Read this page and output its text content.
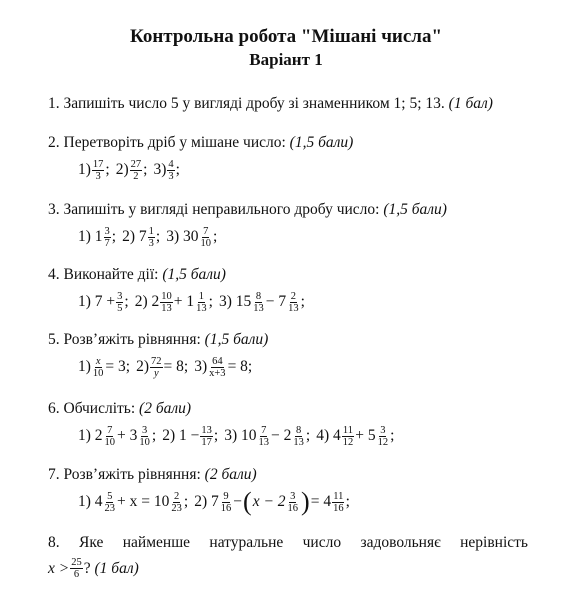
Контрольна робота "Мішані числа"
Варіант 1
1. Запишіть число 5 у вигляді дробу зі знаменником 1; 5; 13. (1 бал)
2. Перетворіть дріб у мішане число: (1,5 бали)
1) 17
3 ; 2) 27
2 ; 3) 4
3 ;
3. Запишіть у вигляді неправильного дробу число: (1,5 бали)
1)
1 3
7 ; 2)
7 1
3 ; 3)
30 7
10 ;
4. Виконайте дії: (1,5 бали)
1) $7 + \frac{3}{5}$ ; 2) 2 10
13 + 1 1
13 ; 3) 15 8
13 − 7 2
13 ;
5. Розв’яжіть рівняння: (1,5 бали)
$1) \frac{x}{10} = 3$; $2) \frac{72}{y} = 8$; $3) \frac{64}{x+3} = 8$;
6. Обчисліть: (2 бали)
1) 2 7
10 + 3 3
10 ; 2) $1 - \frac{13}{17}$ ; 3) 10 7
13 − 2 8
13 ; 4) 4 11
12 + 5 3
12 ;
7. Розв’яжіть рівняння: (2 бали)
1) 4 5
23 + x = 10 2
23 ; 2) 7 9
16 − ( x − 2 3
16 ) = 4 11
16 ;
8. Яке найменше натуральне число задовольняє нерівність
x > 25
6 ?
(1 бал)
